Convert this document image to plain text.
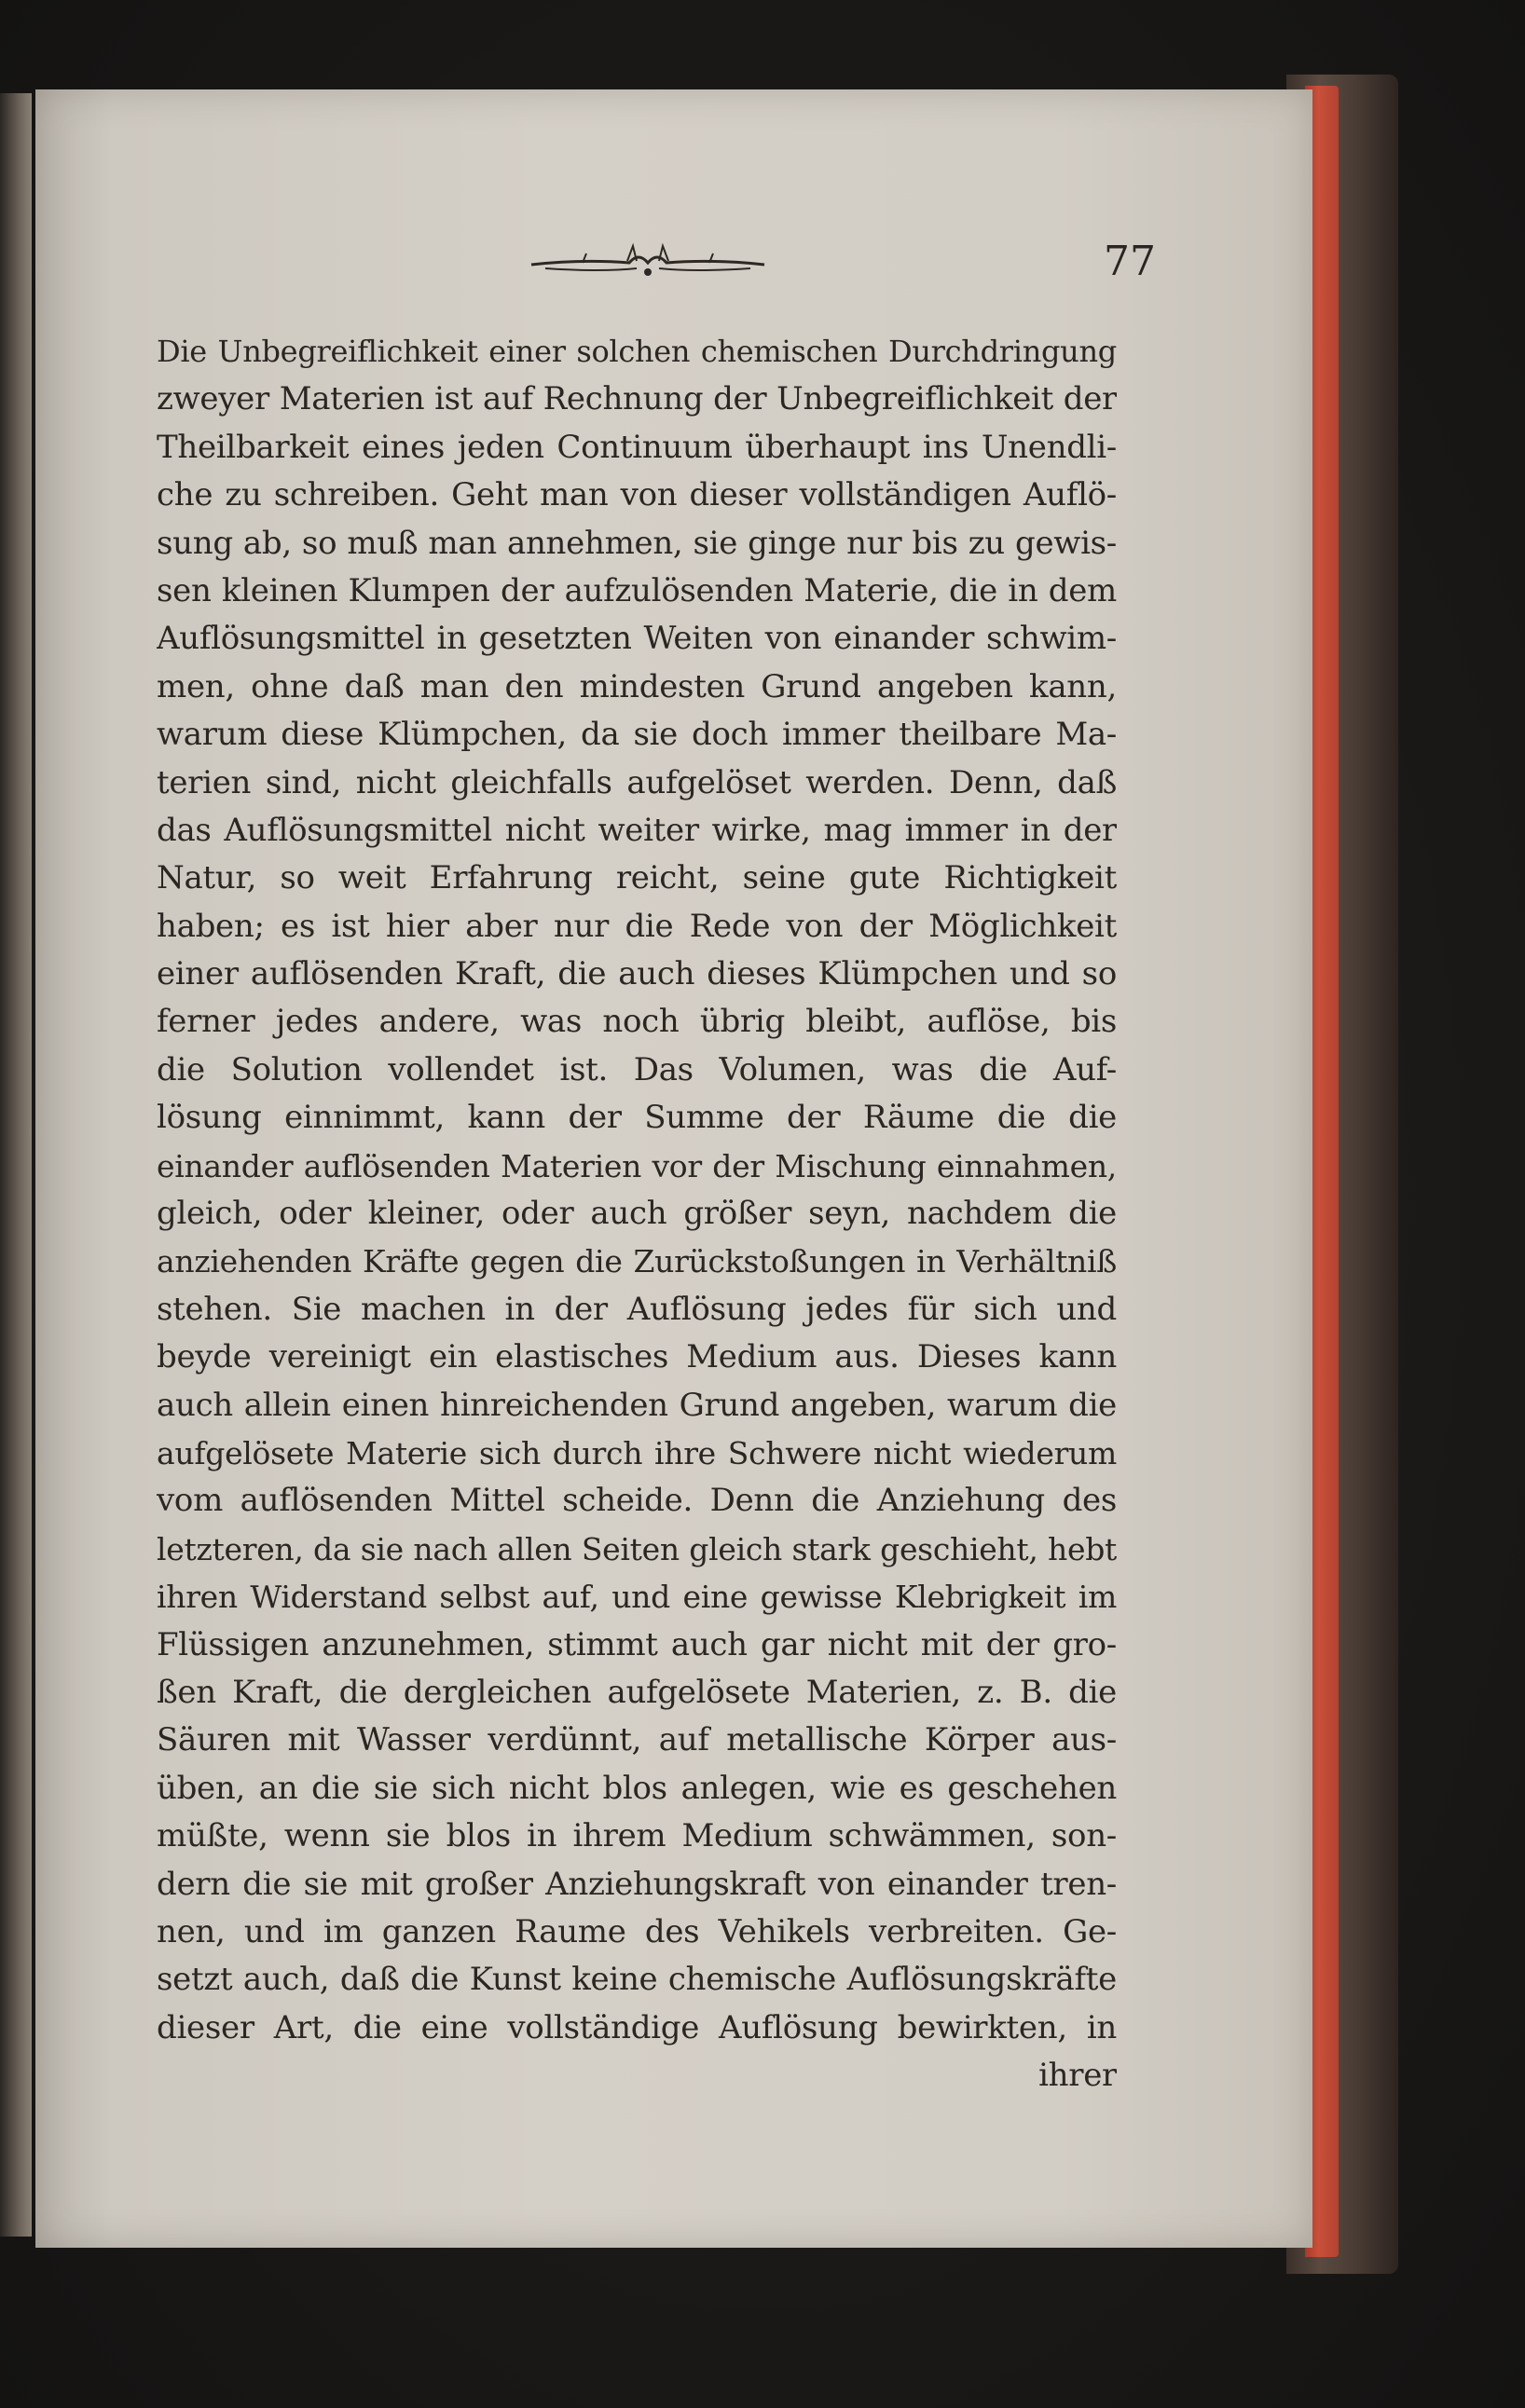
77
Die Unbegreiflichkeit einer solchen chemischen Durchdringung
zweyer Materien ist auf Rechnung der Unbegreiflichkeit der
Theilbarkeit eines jeden Continuum überhaupt ins Unendli-
che zu schreiben. Geht man von dieser vollständigen Auflö-
sung ab, so muß man annehmen, sie ginge nur bis zu gewis-
sen kleinen Klumpen der aufzulösenden Materie, die in dem
Auflösungsmittel in gesetzten Weiten von einander schwim-
men, ohne daß man den mindesten Grund angeben kann,
warum diese Klümpchen, da sie doch immer theilbare Ma-
terien sind, nicht gleichfalls aufgelöset werden. Denn, daß
das Auflösungsmittel nicht weiter wirke, mag immer in der
Natur, so weit Erfahrung reicht, seine gute Richtigkeit
haben; es ist hier aber nur die Rede von der Möglichkeit
einer auflösenden Kraft, die auch dieses Klümpchen und so
ferner jedes andere, was noch übrig bleibt, auflöse, bis
die Solution vollendet ist. Das Volumen, was die Auf-
lösung einnimmt, kann der Summe der Räume die die
einander auflösenden Materien vor der Mischung einnahmen,
gleich, oder kleiner, oder auch größer seyn, nachdem die
anziehenden Kräfte gegen die Zurückstoßungen in Verhältniß
stehen. Sie machen in der Auflösung jedes für sich und
beyde vereinigt ein elastisches Medium aus. Dieses kann
auch allein einen hinreichenden Grund angeben, warum die
aufgelösete Materie sich durch ihre Schwere nicht wiederum
vom auflösenden Mittel scheide. Denn die Anziehung des
letzteren, da sie nach allen Seiten gleich stark geschieht, hebt
ihren Widerstand selbst auf, und eine gewisse Klebrigkeit im
Flüssigen anzunehmen, stimmt auch gar nicht mit der gro-
ßen Kraft, die dergleichen aufgelösete Materien, z. B. die
Säuren mit Wasser verdünnt, auf metallische Körper aus-
üben, an die sie sich nicht blos anlegen, wie es geschehen
müßte, wenn sie blos in ihrem Medium schwämmen, son-
dern die sie mit großer Anziehungskraft von einander tren-
nen, und im ganzen Raume des Vehikels verbreiten. Ge-
setzt auch, daß die Kunst keine chemische Auflösungskräfte
dieser Art, die eine vollständige Auflösung bewirkten, in
ihrer
